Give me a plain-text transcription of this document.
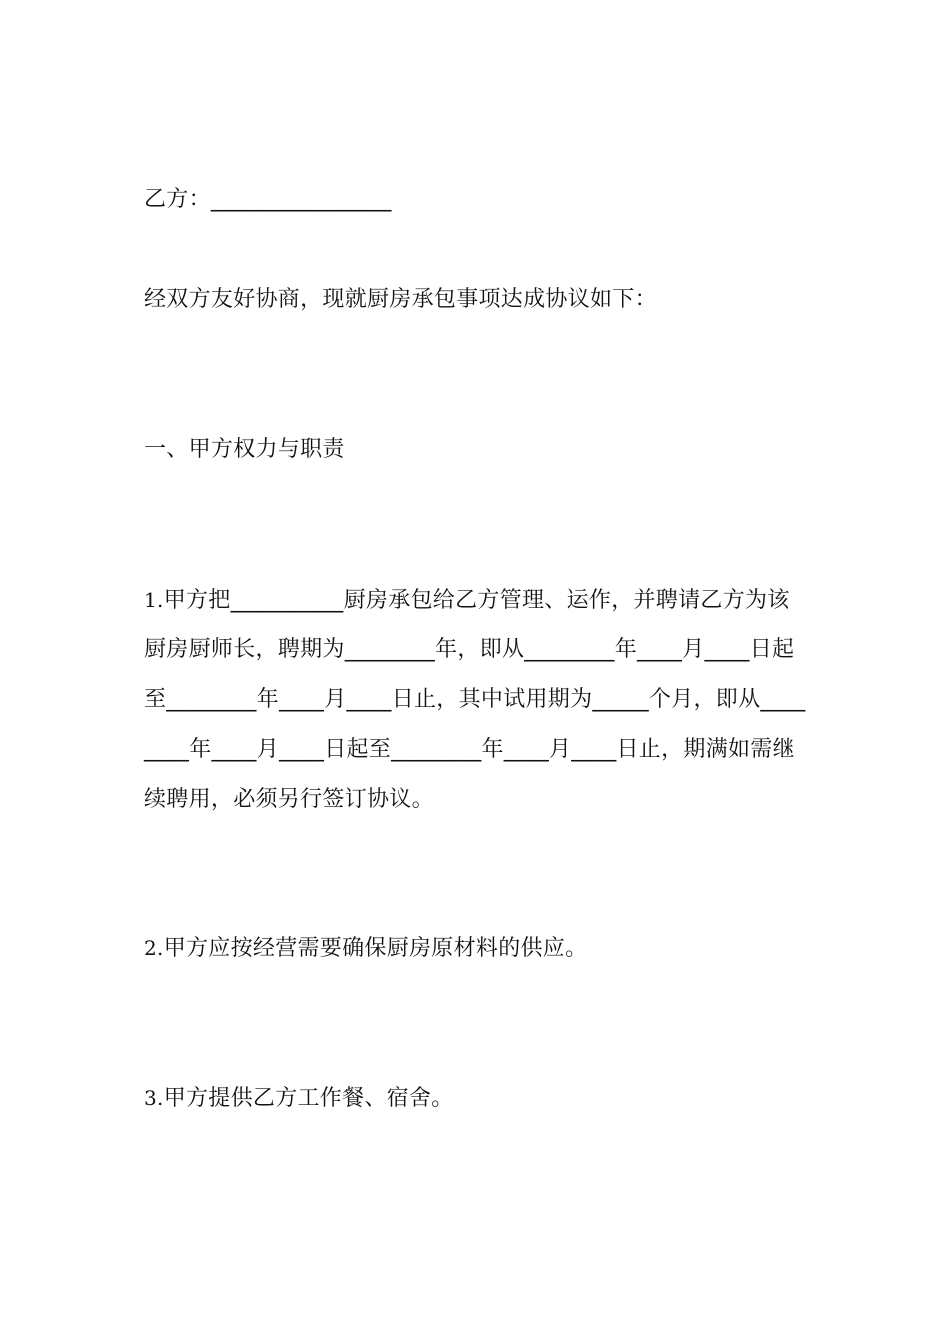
乙方：________________
经双方友好协商，现就厨房承包事项达成协议如下：
一、甲方权力与职责
1.甲方把__________厨房承包给乙方管理、运作，并聘请乙方为该
厨房厨师长，聘期为________年，即从________年____月____日起
至________年____月____日止，其中试用期为_____个月，即从____
____年____月____日起至________年____月____日止，期满如需继
续聘用，必须另行签订协议。
2.甲方应按经营需要确保厨房原材料的供应。
3.甲方提供乙方工作餐、宿舍。
